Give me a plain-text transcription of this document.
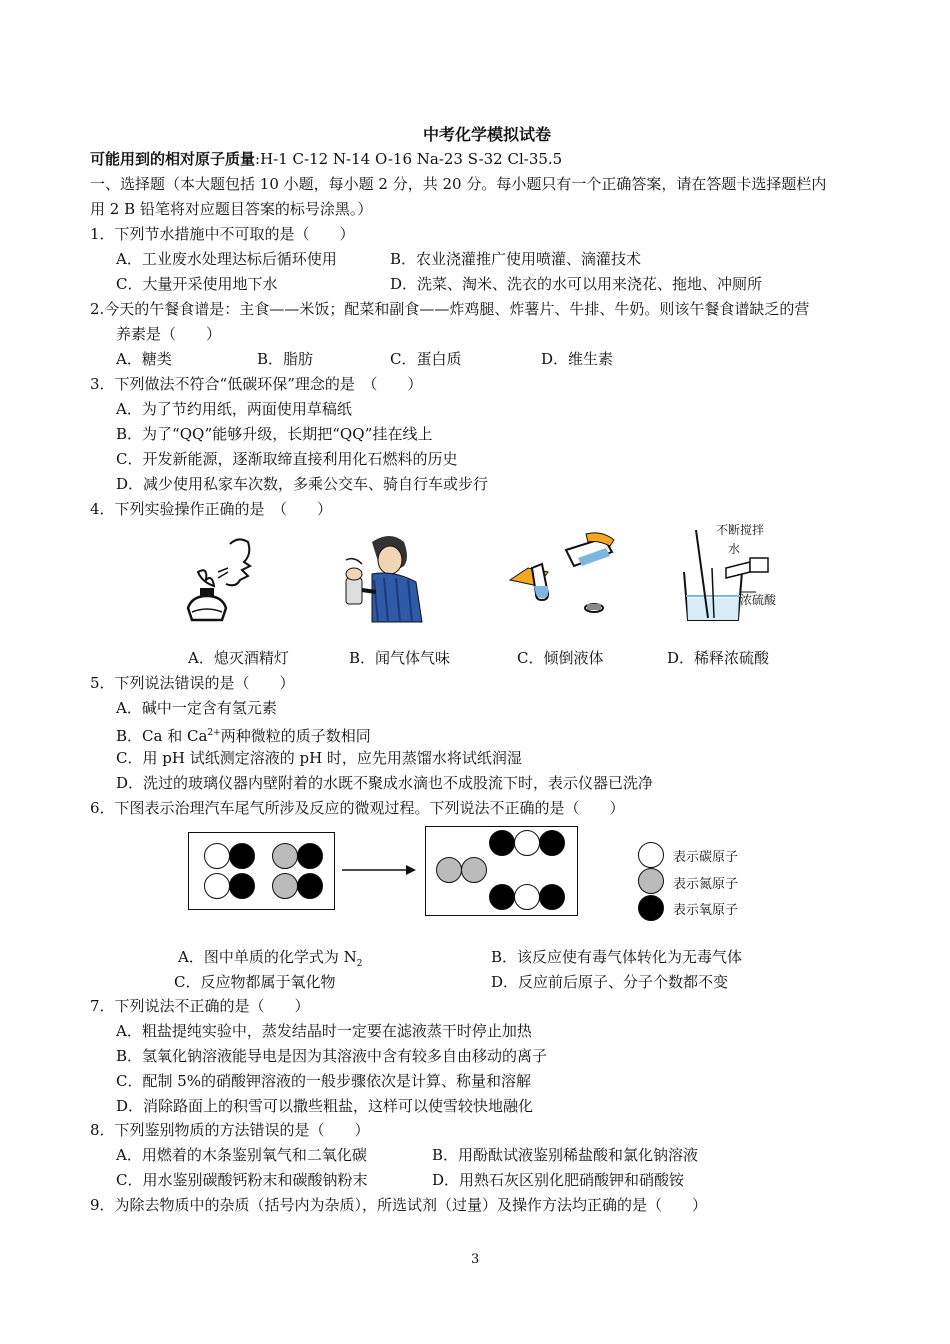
中考化学模拟试卷
可能用到的相对原子质量:H-1 C-12 N-14 O-16 Na-23 S-32 Cl-35.5
一、选择题（本大题包括 10 小题，每小题 2 分，共 20 分。每小题只有一个正确答案，请在答题卡选择题栏内
用 2 B 铅笔将对应题目答案的标号涂黑。）
1．下列节水措施中不可取的是（　　）
A．工业废水处理达标后循环使用	B．农业浇灌推广使用喷灌、滴灌技术
C．大量开采使用地下水	D．洗菜、淘米、洗衣的水可以用来浇花、拖地、冲厕所
2.今天的午餐食谱是：主食——米饭；配菜和副食——炸鸡腿、炸薯片、牛排、牛奶。则该午餐食谱缺乏的营
养素是（　　）
A．糖类	B．脂肪	C．蛋白质	D．维生素
3．下列做法不符合“低碳环保”理念的是　（　　）
A．为了节约用纸，两面使用草稿纸
B．为了“QQ”能够升级，长期把“QQ”挂在线上
C．开发新能源，逐渐取缔直接利用化石燃料的历史
D．减少使用私家车次数，多乘公交车、骑自行车或步行
4．下列实验操作正确的是　（　　）
不断搅拌
水
浓硫酸
A．熄灭酒精灯	B．闻气体气味	C．倾倒液体	D．稀释浓硫酸
5．下列说法错误的是（　　）
A．碱中一定含有氢元素
B．Ca 和 $Ca^{2+}$两种微粒的质子数相同
C．用 pH 试纸测定溶液的 pH 时，应先用蒸馏水将试纸润湿
D．洗过的玻璃仪器内壁附着的水既不聚成水滴也不成股流下时，表示仪器已洗净
6．下图表示治理汽车尾气所涉及反应的微观过程。下列说法不正确的是（　　）
表示碳原子
表示氮原子
表示氧原子
A．图中单质的化学式为 $N_2$	B．该反应使有毒气体转化为无毒气体
C．反应物都属于氧化物	D．反应前后原子、分子个数都不变
7．下列说法不正确的是（　　）
A．粗盐提纯实验中，蒸发结晶时一定要在滤液蒸干时停止加热
B．氢氧化钠溶液能导电是因为其溶液中含有较多自由移动的离子
C．配制 5%的硝酸钾溶液的一般步骤依次是计算、称量和溶解
D．消除路面上的积雪可以撒些粗盐，这样可以使雪较快地融化
8．下列鉴别物质的方法错误的是（　　）
A．用燃着的木条鉴别氧气和二氧化碳	B．用酚酞试液鉴别稀盐酸和氯化钠溶液
C．用水鉴别碳酸钙粉末和碳酸钠粉末	D．用熟石灰区别化肥硝酸钾和硝酸铵
9．为除去物质中的杂质（括号内为杂质），所选试剂（过量）及操作方法均正确的是（　　）
3
